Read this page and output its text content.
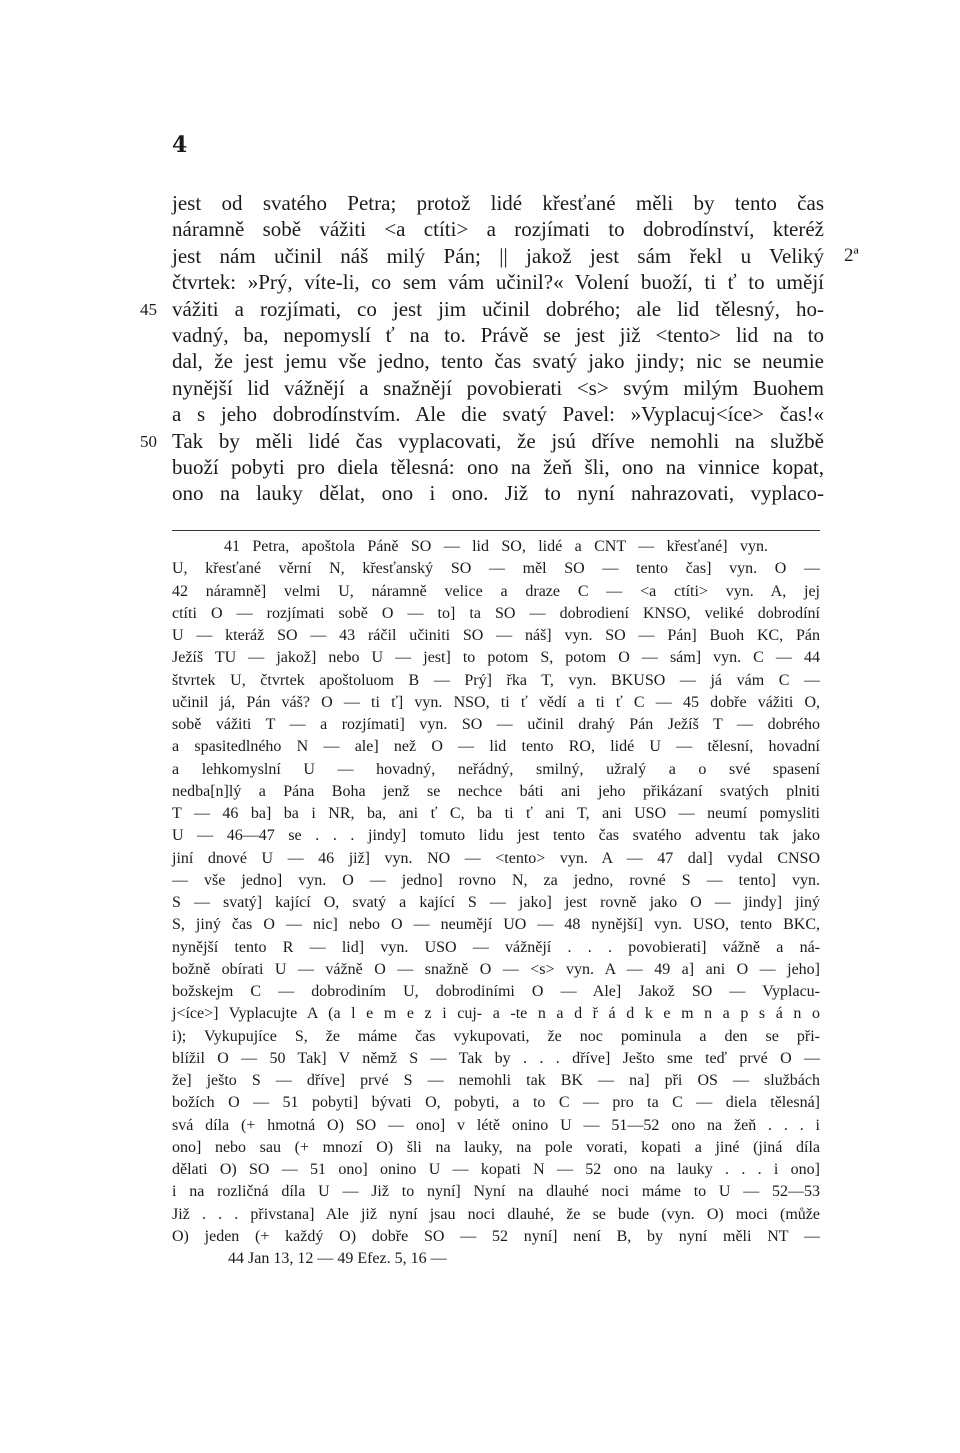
4
jest od svatého Petra; protož lidé křesťané měli by tento čas
náramně sobě vážiti <a ctíti> a rozjímati to dobrodínství, kteréž
jest nám učinil náš milý Pán; || jakož jest sám řekl u Veliký
čtvrtek: »Prý, víte-li, co sem vám učinil?« Volení buoží, ti ť to umějí
vážiti a rozjímati, co jest jim učinil dobrého; ale lid tělesný, ho-
vadný, ba, nepomyslí ť na to. Právě se jest již <tento> lid na to
dal, že jest jemu vše jedno, tento čas svatý jako jindy; nic se neumie
nynější lid vážnějí a snažnějí povobierati <s> svým milým Buohem
a s jeho dobrodínstvím. Ale die svatý Pavel: »Vyplacuj<íce> čas!«
Tak by měli lidé čas vyplacovati, že jsú dříve nemohli na službě
buoží pobyti pro diela tělesná: ono na žeň šli, ono na vinnice kopat,
ono na lauky dělat, ono i ono. Již to nyní nahrazovati, vyplaco-
45
50
2ª
41 Petra, apoštola Páně SO — lid SO, lidé a CNT — křesťané] vyn.
U, křesťané věrní N, křesťanský SO — měl SO — tento čas] vyn. O —
42 náramně] velmi U, náramně velice a draze C — <a ctíti> vyn. A, jej
ctíti O — rozjímati sobě O — to] ta SO — dobrodiení KNSO, veliké dobrodíní
U — kteráž SO — 43 ráčil učiniti SO — náš] vyn. SO — Pán] Buoh KC, Pán
Ježíš TU — jakož] nebo U — jest] to potom S, potom O — sám] vyn. C — 44
štvrtek U, čtvrtek apoštoluom B — Prý] řka T, vyn. BKUSO — já vám C —
učinil já, Pán váš? O — ti ť] vyn. NSO, ti ť vědí a ti ť C — 45 dobře vážiti O,
sobě vážiti T — a rozjímati] vyn. SO — učinil drahý Pán Ježíš T — dobrého
a spasitedlného N — ale] než O — lid tento RO, lidé U — tělesní, hovadní
a lehkomyslní U — hovadný, neřádný, smilný, užralý a o své spasení
nedba[n]lý a Pána Boha jenž se nechce báti ani jeho přikázaní svatých plniti
T — 46 ba] ba i NR, ba, ani ť C, ba ti ť ani T, ani USO — neumí pomysliti
U — 46—47 se . . . jindy] tomuto lidu jest tento čas svatého adventu tak jako
jiní dnové U — 46 již] vyn. NO — <tento> vyn. A — 47 dal] vydal CNSO
— vše jedno] vyn. O — jedno] rovno N, za jedno, rovné S — tento] vyn.
S — svatý] kající O, svatý a kající S — jako] jest rovně jako O — jindy] jiný
S, jiný čas O — nic] nebo O — neumějí UO — 48 nynější] vyn. USO, tento BKC,
nynější tento R — lid] vyn. USO — vážnějí . . . povobierati] vážně a ná-
božně obírati U — vážně O — snažně O — <s> vyn. A — 49 a] ani O — jeho]
božskejm C — dobrodiním U, dobrodiními O — Ale] Jakož SO — Vyplacu-
j<íce>] Vyplacujte A (a l e m e z i cuj- a -te n a d ř á d k e m n a p s á n o
i); Vykupujíce S, že máme čas vykupovati, že noc pominula a den se při-
blížil O — 50 Tak] V němž S — Tak by . . . dříve] Ješto sme teď prvé O —
že] ješto S — dříve] prvé S — nemohli tak BK — na] při OS — službách
božích O — 51 pobyti] bývati O, pobyti, a to C — pro ta C — diela tělesná]
svá díla (+ hmotná O) SO — ono] v létě onino U — 51—52 ono na žeň . . . i
ono] nebo sau (+ mnozí O) šli na lauky, na pole vorati, kopati a jiné (jiná díla
dělati O) SO — 51 ono] onino U — kopati N — 52 ono na lauky . . . i ono]
i na rozličná díla U — Již to nyní] Nyní na dlauhé noci máme to U — 52—53
Již . . . přivstana] Ale již nyní jsau noci dlauhé, že se bude (vyn. O) moci (může
O) jeden (+ každý O) dobře SO — 52 nyní] není B, by nyní měli NT —
44 Jan 13, 12 — 49 Efez. 5, 16 —
